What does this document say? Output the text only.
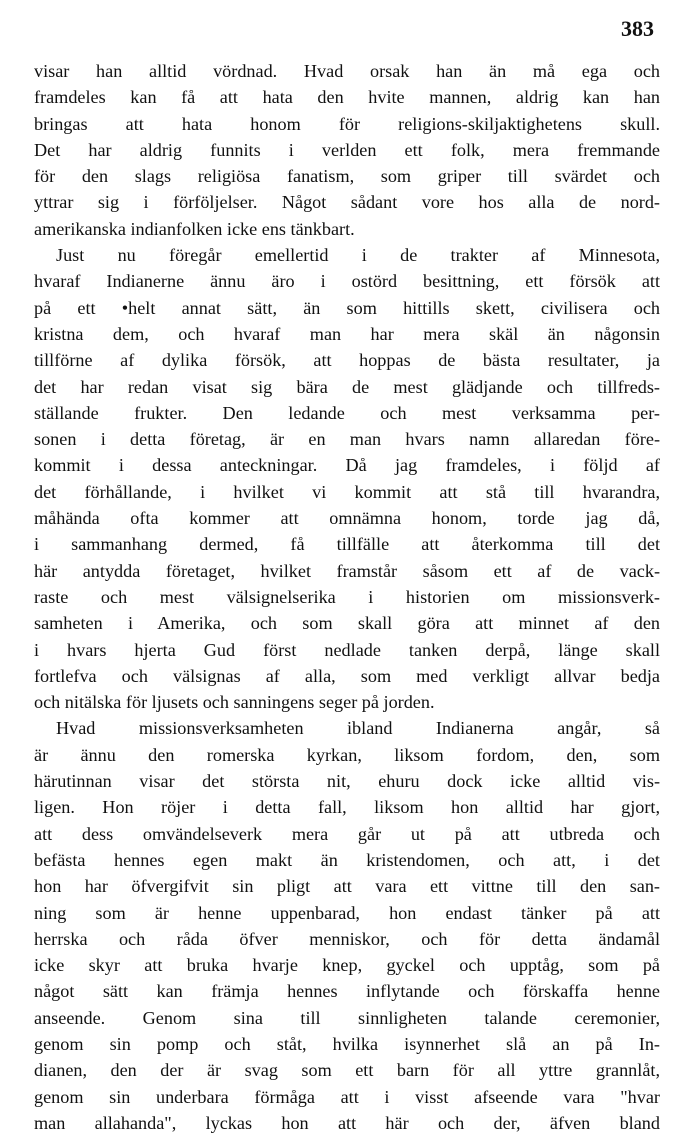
383
visar han alltid vördnad. Hvad orsak han än må ega och
framdeles kan få att hata den hvite mannen, aldrig kan han
bringas att hata honom för religions-skiljaktighetens skull.
Det har aldrig funnits i verlden ett folk, mera fremmande
för den slags religiösa fanatism, som griper till svärdet och
yttrar sig i förföljelser. Något sådant vore hos alla de nord-
amerikanska indianfolken icke ens tänkbart.
Just nu föregår emellertid i de trakter af Minnesota,
hvaraf Indianerne ännu äro i ostörd besittning, ett försök att
på ett •helt annat sätt, än som hittills skett, civilisera och
kristna dem, och hvaraf man har mera skäl än någonsin
tillförne af dylika försök, att hoppas de bästa resultater, ja
det har redan visat sig bära de mest glädjande och tillfreds-
ställande frukter. Den ledande och mest verksamma per-
sonen i detta företag, är en man hvars namn allaredan före-
kommit i dessa anteckningar. Då jag framdeles, i följd af
det förhållande, i hvilket vi kommit att stå till hvarandra,
måhända ofta kommer att omnämna honom, torde jag då,
i sammanhang dermed, få tillfälle att återkomma till det
här antydda företaget, hvilket framstår såsom ett af de vack-
raste och mest välsignelserika i historien om missionsverk-
samheten i Amerika, och som skall göra att minnet af den
i hvars hjerta Gud först nedlade tanken derpå, länge skall
fortlefva och välsignas af alla, som med verkligt allvar bedja
och nitälska för ljusets och sanningens seger på jorden.
Hvad missionsverksamheten ibland Indianerna angår, så
är ännu den romerska kyrkan, liksom fordom, den, som
härutinnan visar det största nit, ehuru dock icke alltid vis-
ligen. Hon röjer i detta fall, liksom hon alltid har gjort,
att dess omvändelseverk mera går ut på att utbreda och
befästa hennes egen makt än kristendomen, och att, i det
hon har öfvergifvit sin pligt att vara ett vittne till den san-
ning som är henne uppenbarad, hon endast tänker på att
herrska och råda öfver menniskor, och för detta ändamål
icke skyr att bruka hvarje knep, gyckel och upptåg, som på
något sätt kan främja hennes inflytande och förskaffa henne
anseende. Genom sina till sinnligheten talande ceremonier,
genom sin pomp och ståt, hvilka isynnerhet slå an på In-
dianen, den der är svag som ett barn för all yttre grannlåt,
genom sin underbara förmåga att i visst afseende vara "hvar
man allahanda", lyckas hon att här och der, äfven bland
